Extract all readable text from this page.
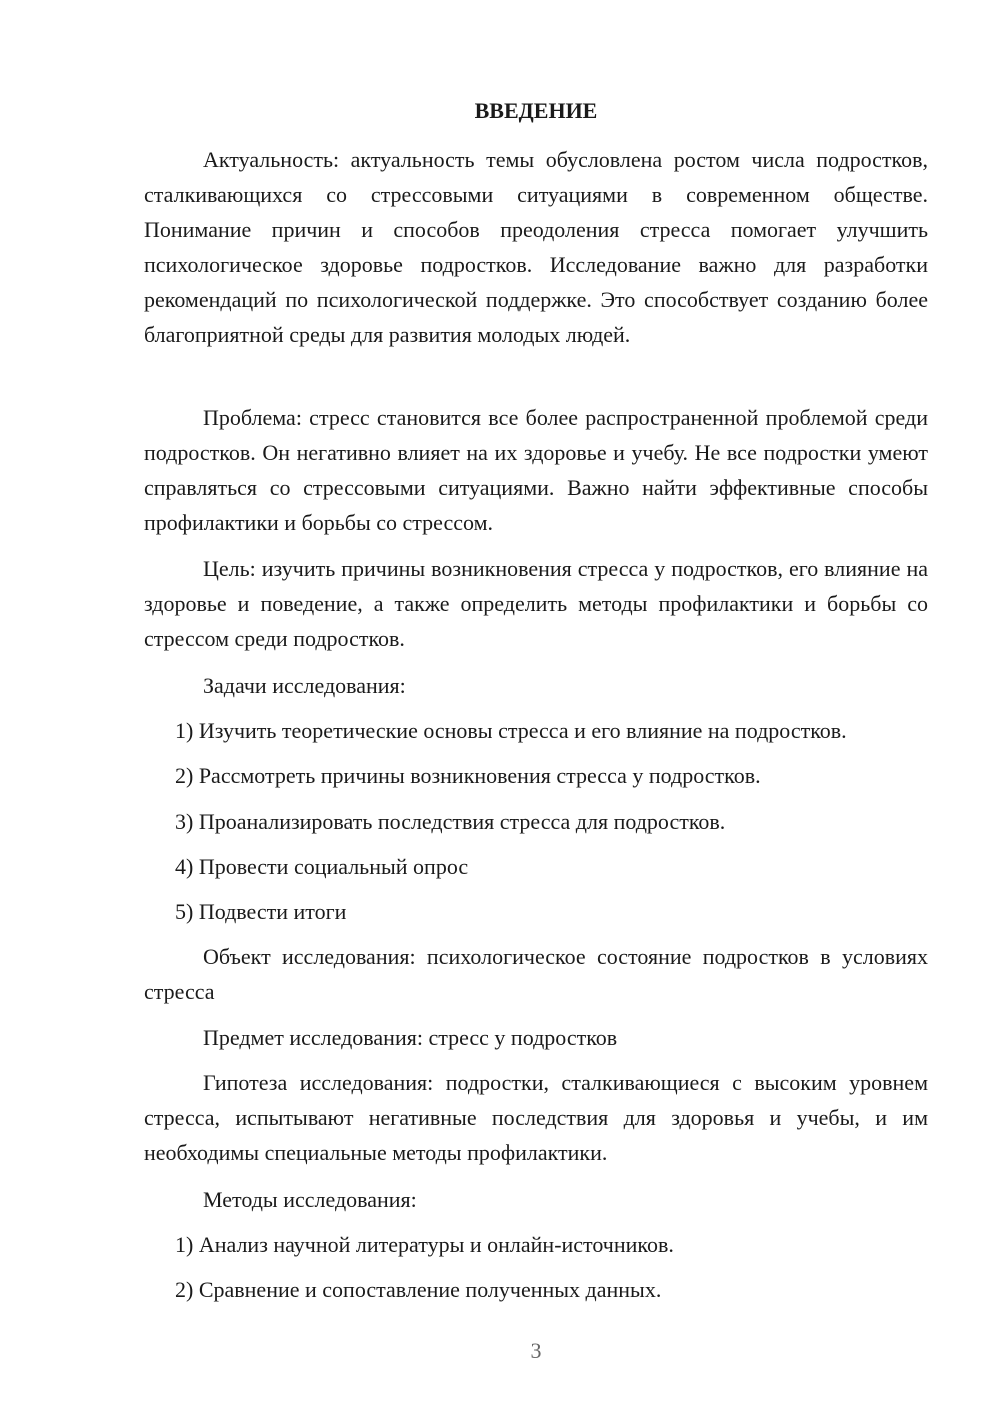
ВВЕДЕНИЕ

Актуальность: актуальность темы обусловлена ростом числа подростков, сталкивающихся со стрессовыми ситуациями в современном обществе. Понимание причин и способов преодоления стресса помогает улучшить психологическое здоровье подростков. Исследование важно для разработки рекомендаций по психологической поддержке. Это способствует созданию более благоприятной среды для развития молодых людей.

Проблема: стресс становится все более распространенной проблемой среди подростков. Он негативно влияет на их здоровье и учебу. Не все подростки умеют справляться со стрессовыми ситуациями. Важно найти эффективные способы профилактики и борьбы со стрессом.

Цель: изучить причины возникновения стресса у подростков, его влияние на здоровье и поведение, а также определить методы профилактики и борьбы со стрессом среди подростков.

Задачи исследования:

1) Изучить теоретические основы стресса и его влияние на подростков.

2) Рассмотреть причины возникновения стресса у подростков.

3) Проанализировать последствия стресса для подростков.

4) Провести социальный опрос

5) Подвести итоги

Объект исследования: психологическое состояние подростков в условиях стресса

Предмет исследования: стресс у подростков

Гипотеза исследования: подростки, сталкивающиеся с высоким уровнем стресса, испытывают негативные последствия для здоровья и учебы, и им необходимы специальные методы профилактики.

Методы исследования:

1) Анализ научной литературы и онлайн-источников.

2) Сравнение и сопоставление полученных данных.

3
